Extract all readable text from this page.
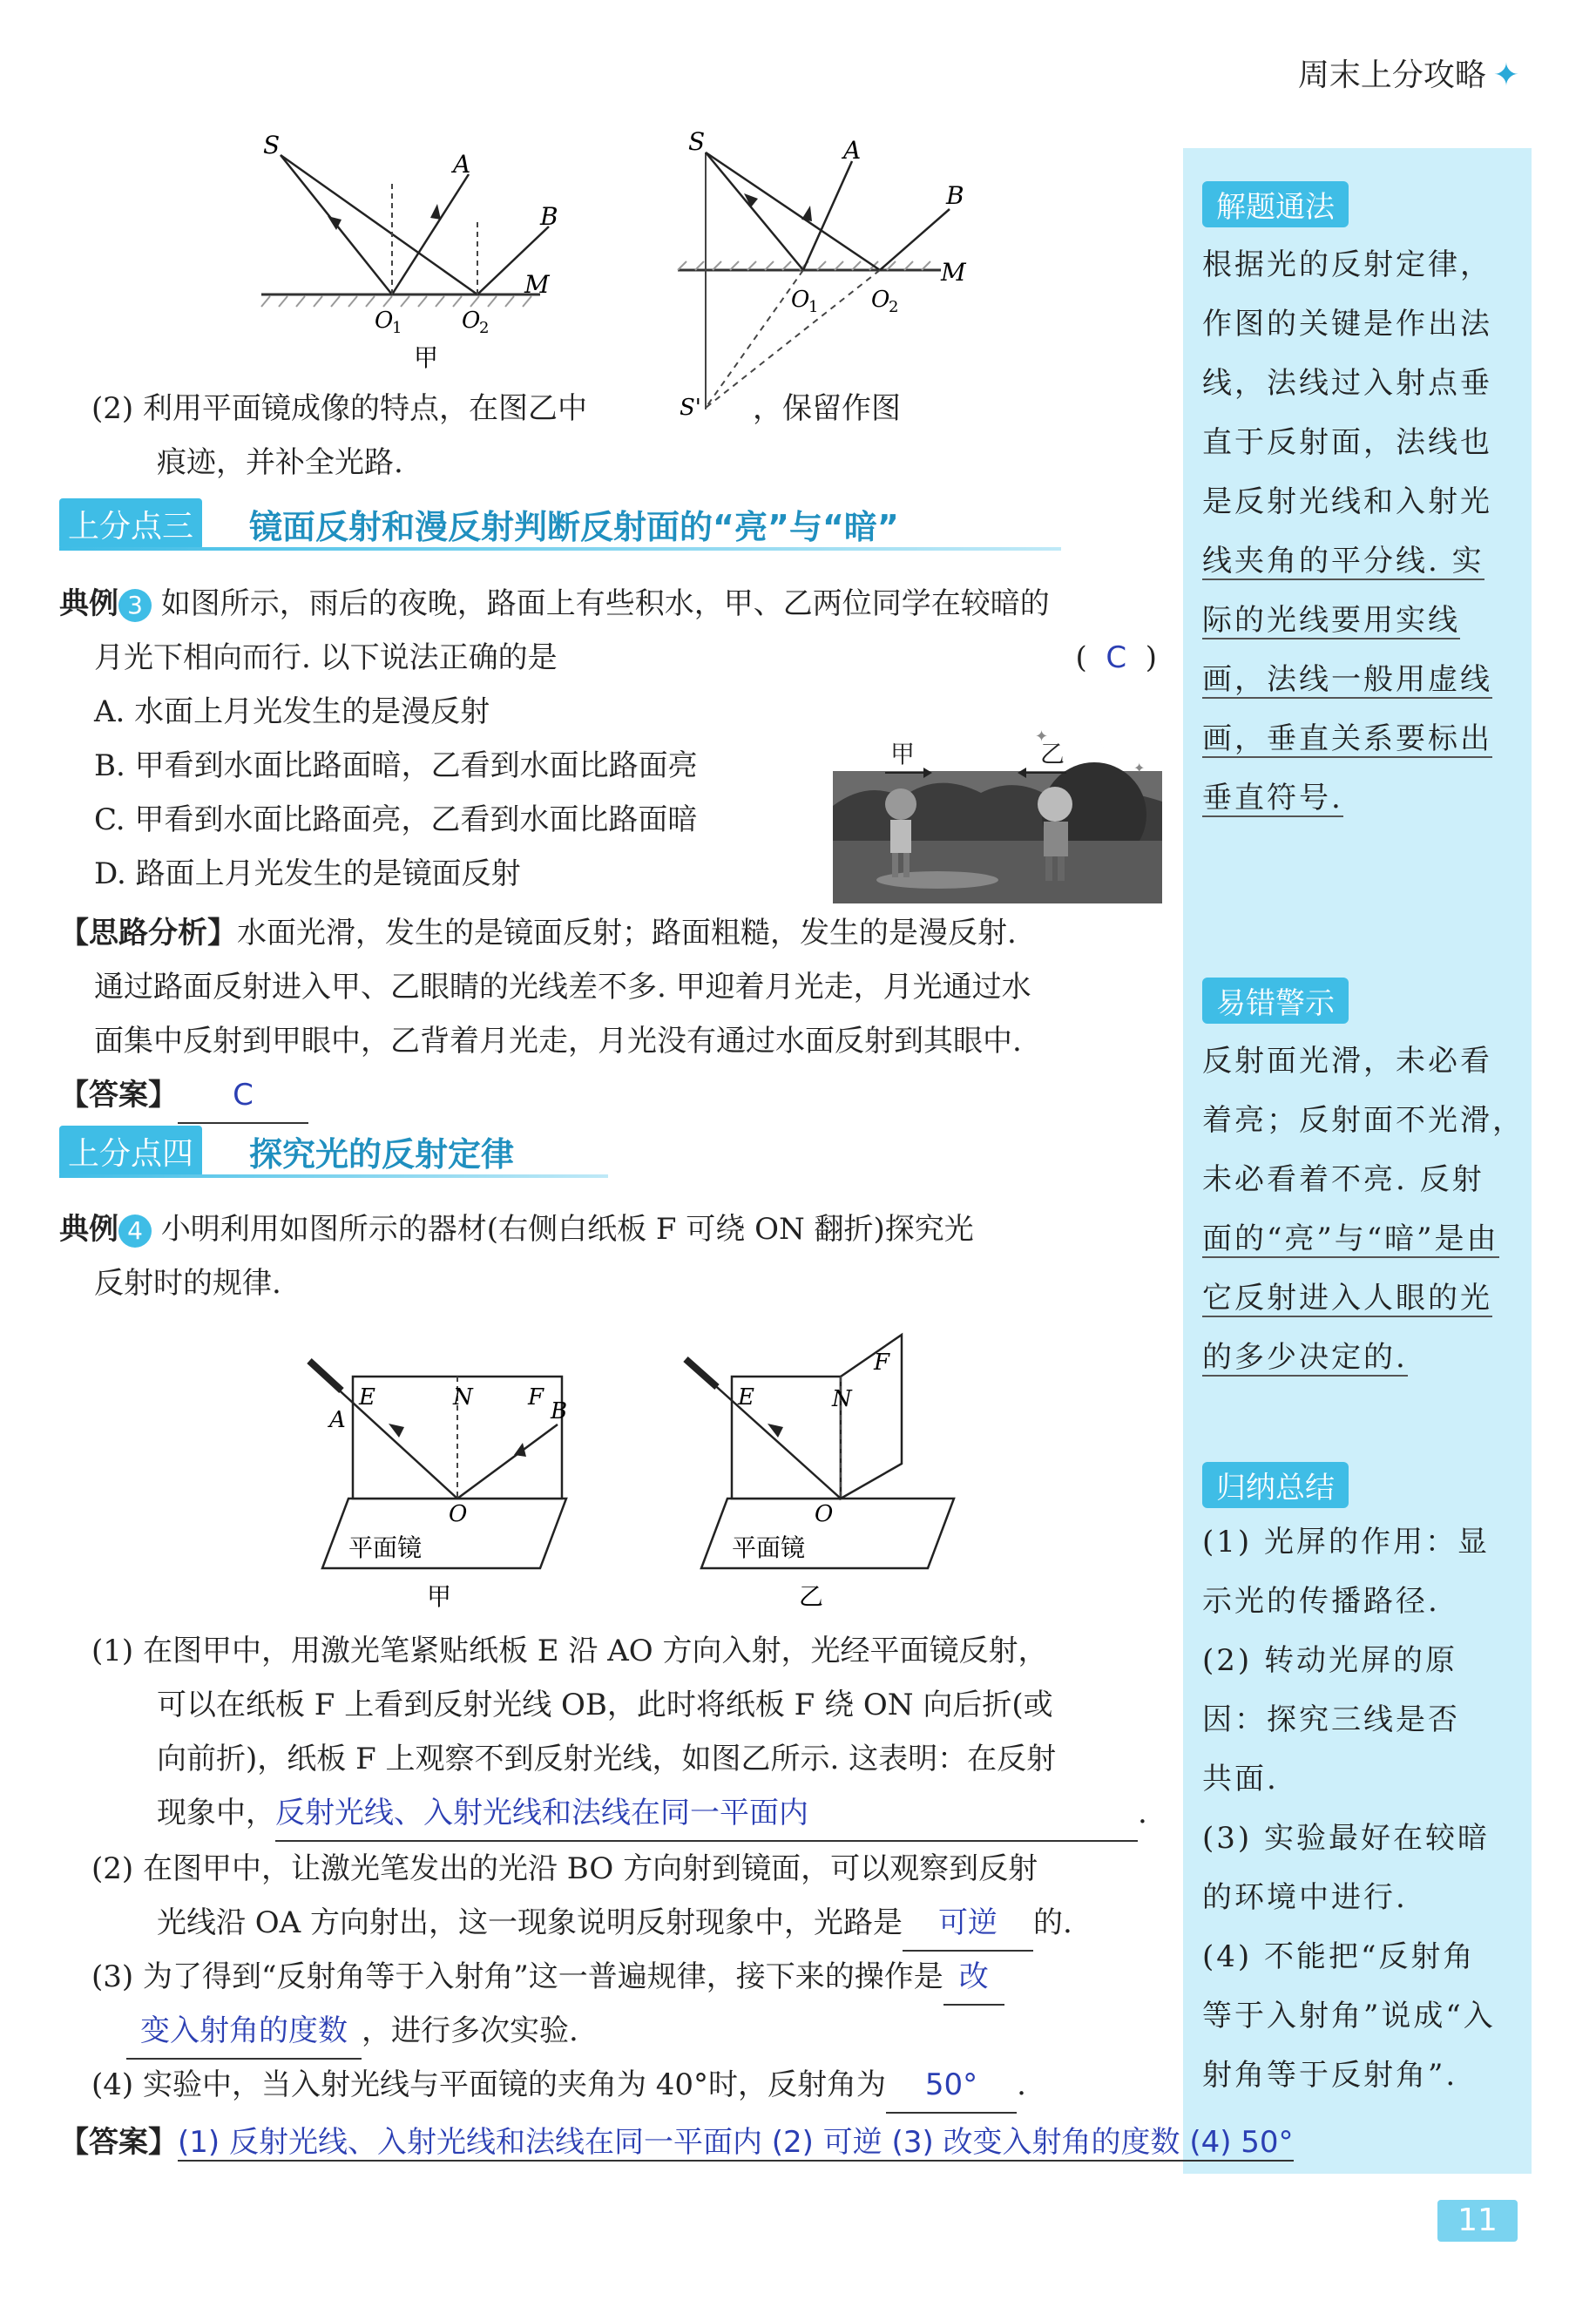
周末上分攻略 ✦
解题通法
根据光的反射定律，
作图的关键是作出法
线，法线过入射点垂
直于反射面，法线也
是反射光线和入射光
线夹角的平分线. 实
际的光线要用实线
画，法线一般用虚线
画，垂直关系要标出
垂直符号.
易错警示
反射面光滑，未必看
着亮；反射面不光滑，
未必看着不亮. 反射
面的“亮”与“暗”是由
它反射进入人眼的光
的多少决定的.
归纳总结
(1) 光屏的作用：显
示光的传播路径.
(2) 转动光屏的原
因：探究三线是否
共面.
(3) 实验最好在较暗
的环境中进行.
(4) 不能把“反射角
等于入射角”说成“入
射角等于反射角”.
S
A
B
M
O
1	O
2
甲
S	A
B
M
O
1 O
2
S'
(2) 利用平面镜成像的特点，在图乙中	，保留作图
痕迹，并补全光路.
上分点三 镜面反射和漫反射判断反射面的“亮”与“暗”
典例 3 如图所示，雨后的夜晚，路面上有些积水，甲、乙两位同学在较暗的
月光下相向而行. 以下说法正确的是	( C )
A. 水面上月光发生的是漫反射
B. 甲看到水面比路面暗，乙看到水面比路面亮
C. 甲看到水面比路面亮，乙看到水面比路面暗
D. 路面上月光发生的是镜面反射
✦
✦
甲	乙
【思路分析】水面光滑，发生的是镜面反射；路面粗糙，发生的是漫反射.
通过路面反射进入甲、乙眼睛的光线差不多. 甲迎着月光走，月光通过水
面集中反射到甲眼中，乙背着月光走，月光没有通过水面反射到其眼中.
【答案】 C
上分点四 探究光的反射定律
典例 4 小明利用如图所示的器材(右侧白纸板 F 可绕 ON 翻折)探究光
反射时的规律.
E	N F
A	B
O
平面镜
甲
E	N
F
O
平面镜
乙
(1) 在图甲中，用激光笔紧贴纸板 E 沿 AO 方向入射，光经平面镜反射，
可以在纸板 F 上看到反射光线 OB，此时将纸板 F 绕 ON 向后折(或
向前折)，纸板 F 上观察不到反射光线，如图乙所示. 这表明：在反射
现象中，反射光线、入射光线和法线在同一平面内	.
(2) 在图甲中，让激光笔发出的光沿 BO 方向射到镜面，可以观察到反射
光线沿 OA 方向射出，这一现象说明反射现象中，光路是 可逆 的.
(3) 为了得到“反射角等于入射角”这一普遍规律，接下来的操作是 改
变入射角的度数 ，进行多次实验.
(4) 实验中，当入射光线与平面镜的夹角为 40°时，反射角为 50° .
【答案】(1) 反射光线、入射光线和法线在同一平面内 (2) 可逆 (3) 改变入射角的度数 (4) 50°
11
